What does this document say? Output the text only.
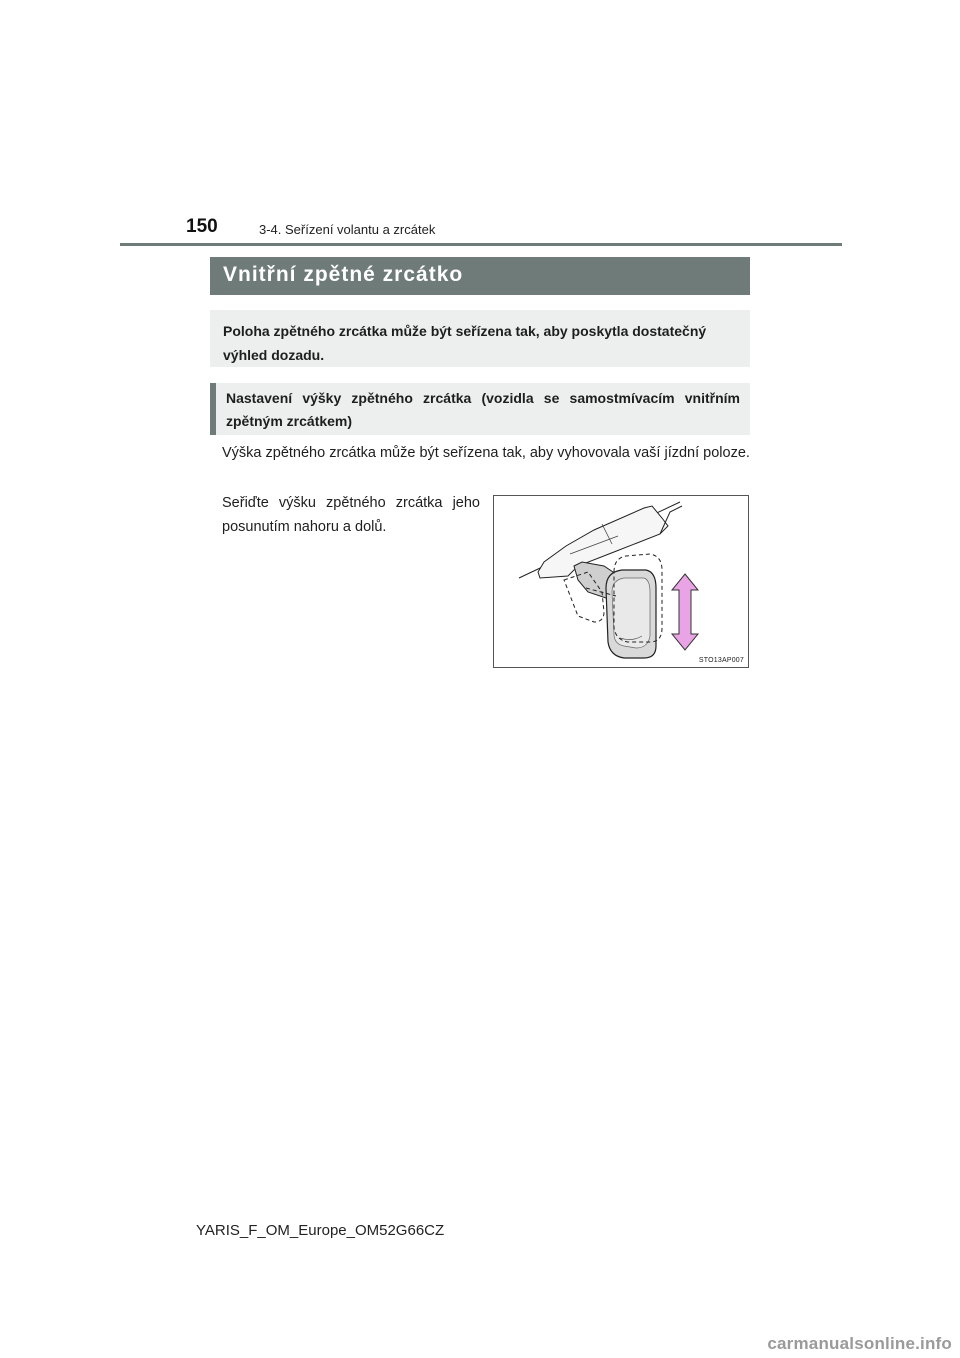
150	3-4. Seřízení volantu a zrcátek
Vnitřní zpětné zrcátko
Poloha zpětného zrcátka může být seřízena tak, aby poskytla dostatečný výhled dozadu.
Nastavení výšky zpětného zrcátka (vozidla se samostmívacím vnitřním zpětným zrcátkem)
Výška zpětného zrcátka může být seřízena tak, aby vyhovovala vaší jízdní poloze.
Seřiďte výšku zpětného zrcátka jeho posunutím nahoru a dolů.
STO13AP007
YARIS_F_OM_Europe_OM52G66CZ
carmanualsonline.info
